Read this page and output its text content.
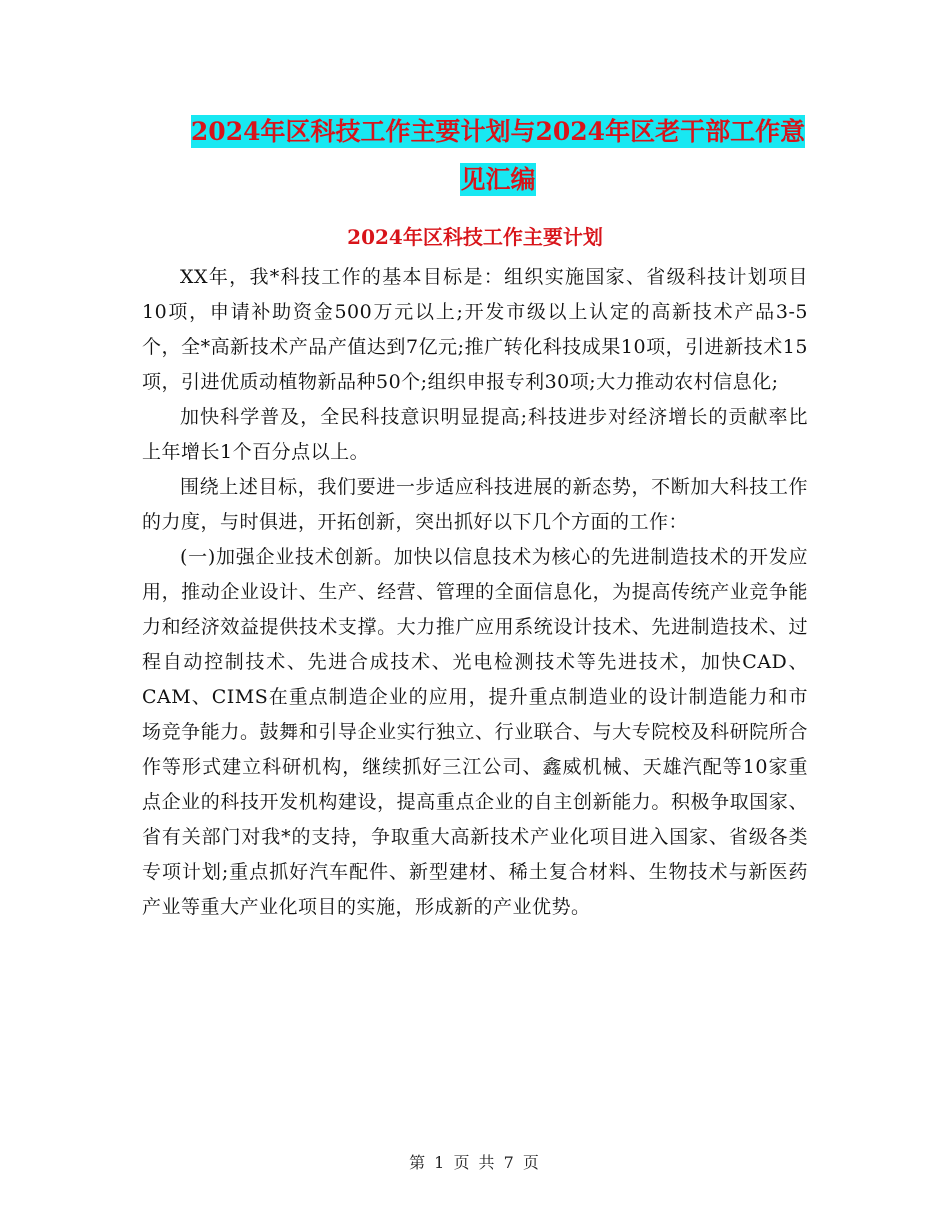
2024年区科技工作主要计划与2024年区老干部工作意见汇编
2024年区科技工作主要计划

XX年，我*科技工作的基本目标是：组织实施国家、省级科技计划项目10项，申请补助资金500万元以上;开发市级以上认定的高新技术产品3-5个，全*高新技术产品产值达到7亿元;推广转化科技成果10项，引进新技术15项，引进优质动植物新品种50个;组织申报专利30项;大力推动农村信息化;

加快科学普及，全民科技意识明显提高;科技进步对经济增长的贡献率比上年增长1个百分点以上。

围绕上述目标，我们要进一步适应科技进展的新态势，不断加大科技工作的力度，与时俱进，开拓创新，突出抓好以下几个方面的工作：

(一)加强企业技术创新。加快以信息技术为核心的先进制造技术的开发应用，推动企业设计、生产、经营、管理的全面信息化，为提高传统产业竞争能力和经济效益提供技术支撑。大力推广应用系统设计技术、先进制造技术、过程自动控制技术、先进合成技术、光电检测技术等先进技术，加快CAD、CAM、CIMS在重点制造企业的应用，提升重点制造业的设计制造能力和市场竞争能力。鼓舞和引导企业实行独立、行业联合、与大专院校及科研院所合作等形式建立科研机构，继续抓好三江公司、鑫威机械、天雄汽配等10家重点企业的科技开发机构建设，提高重点企业的自主创新能力。积极争取国家、省有关部门对我*的支持，争取重大高新技术产业化项目进入国家、省级各类专项计划;重点抓好汽车配件、新型建材、稀土复合材料、生物技术与新医药产业等重大产业化项目的实施，形成新的产业优势。

第 1 页 共 7 页
